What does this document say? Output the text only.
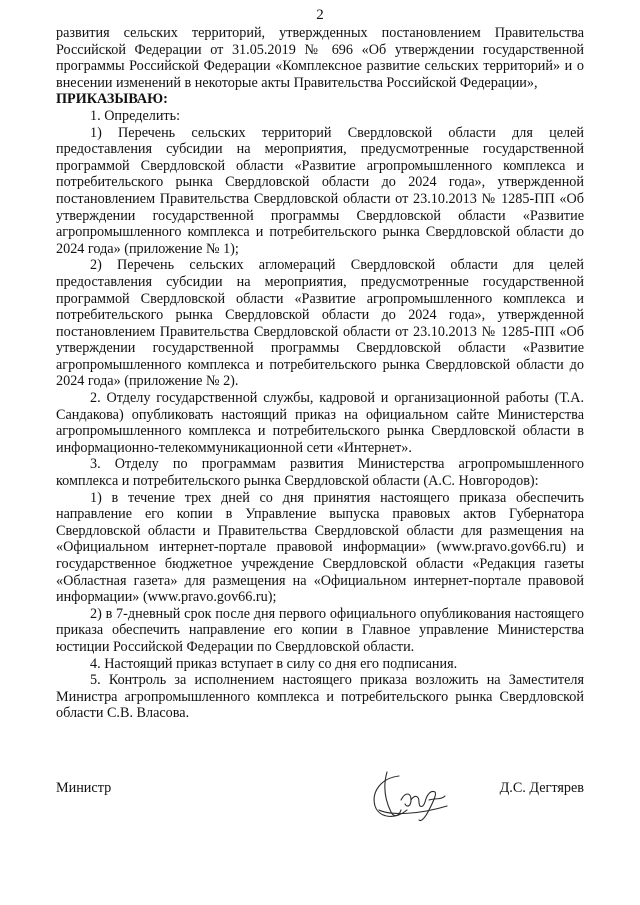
2

развития сельских территорий, утвержденных постановлением Правительства Российской Федерации от 31.05.2019 № 696 «Об утверждении государственной программы Российской Федерации «Комплексное развитие сельских территорий» и о внесении изменений в некоторые акты Правительства Российской Федерации»,

ПРИКАЗЫВАЮ:

1. Определить:

1) Перечень сельских территорий Свердловской области для целей предоставления субсидии на мероприятия, предусмотренные государственной программой Свердловской области «Развитие агропромышленного комплекса и потребительского рынка Свердловской области до 2024 года», утвержденной постановлением Правительства Свердловской области от 23.10.2013 № 1285-ПП «Об утверждении государственной программы Свердловской области «Развитие агропромышленного комплекса и потребительского рынка Свердловской области до 2024 года» (приложение № 1);

2) Перечень сельских агломераций Свердловской области для целей предоставления субсидии на мероприятия, предусмотренные государственной программой Свердловской области «Развитие агропромышленного комплекса и потребительского рынка Свердловской области до 2024 года», утвержденной постановлением Правительства Свердловской области от 23.10.2013 № 1285-ПП «Об утверждении государственной программы Свердловской области «Развитие агропромышленного комплекса и потребительского рынка Свердловской области до 2024 года» (приложение № 2).

2. Отделу государственной службы, кадровой и организационной работы (Т.А. Сандакова) опубликовать настоящий приказ на официальном сайте Министерства агропромышленного комплекса и потребительского рынка Свердловской области в информационно-телекоммуникационной сети «Интернет».

3. Отделу по программам развития Министерства агропромышленного комплекса и потребительского рынка Свердловской области (А.С. Новгородов):

1) в течение трех дней со дня принятия настоящего приказа обеспечить направление его копии в Управление выпуска правовых актов Губернатора Свердловской области и Правительства Свердловской области для размещения на «Официальном интернет-портале правовой информации» (www.pravo.gov66.ru) и государственное бюджетное учреждение Свердловской области «Редакция газеты «Областная газета» для размещения на «Официальном интернет-портале правовой информации» (www.pravo.gov66.ru);

2) в 7-дневный срок после дня первого официального опубликования настоящего приказа обеспечить направление его копии в Главное управление Министерства юстиции Российской Федерации по Свердловской области.

4. Настоящий приказ вступает в силу со дня его подписания.

5. Контроль за исполнением настоящего приказа возложить на Заместителя Министра агропромышленного комплекса и потребительского рынка Свердловской области С.В. Власова.

Министр	Д.С. Дегтярев
